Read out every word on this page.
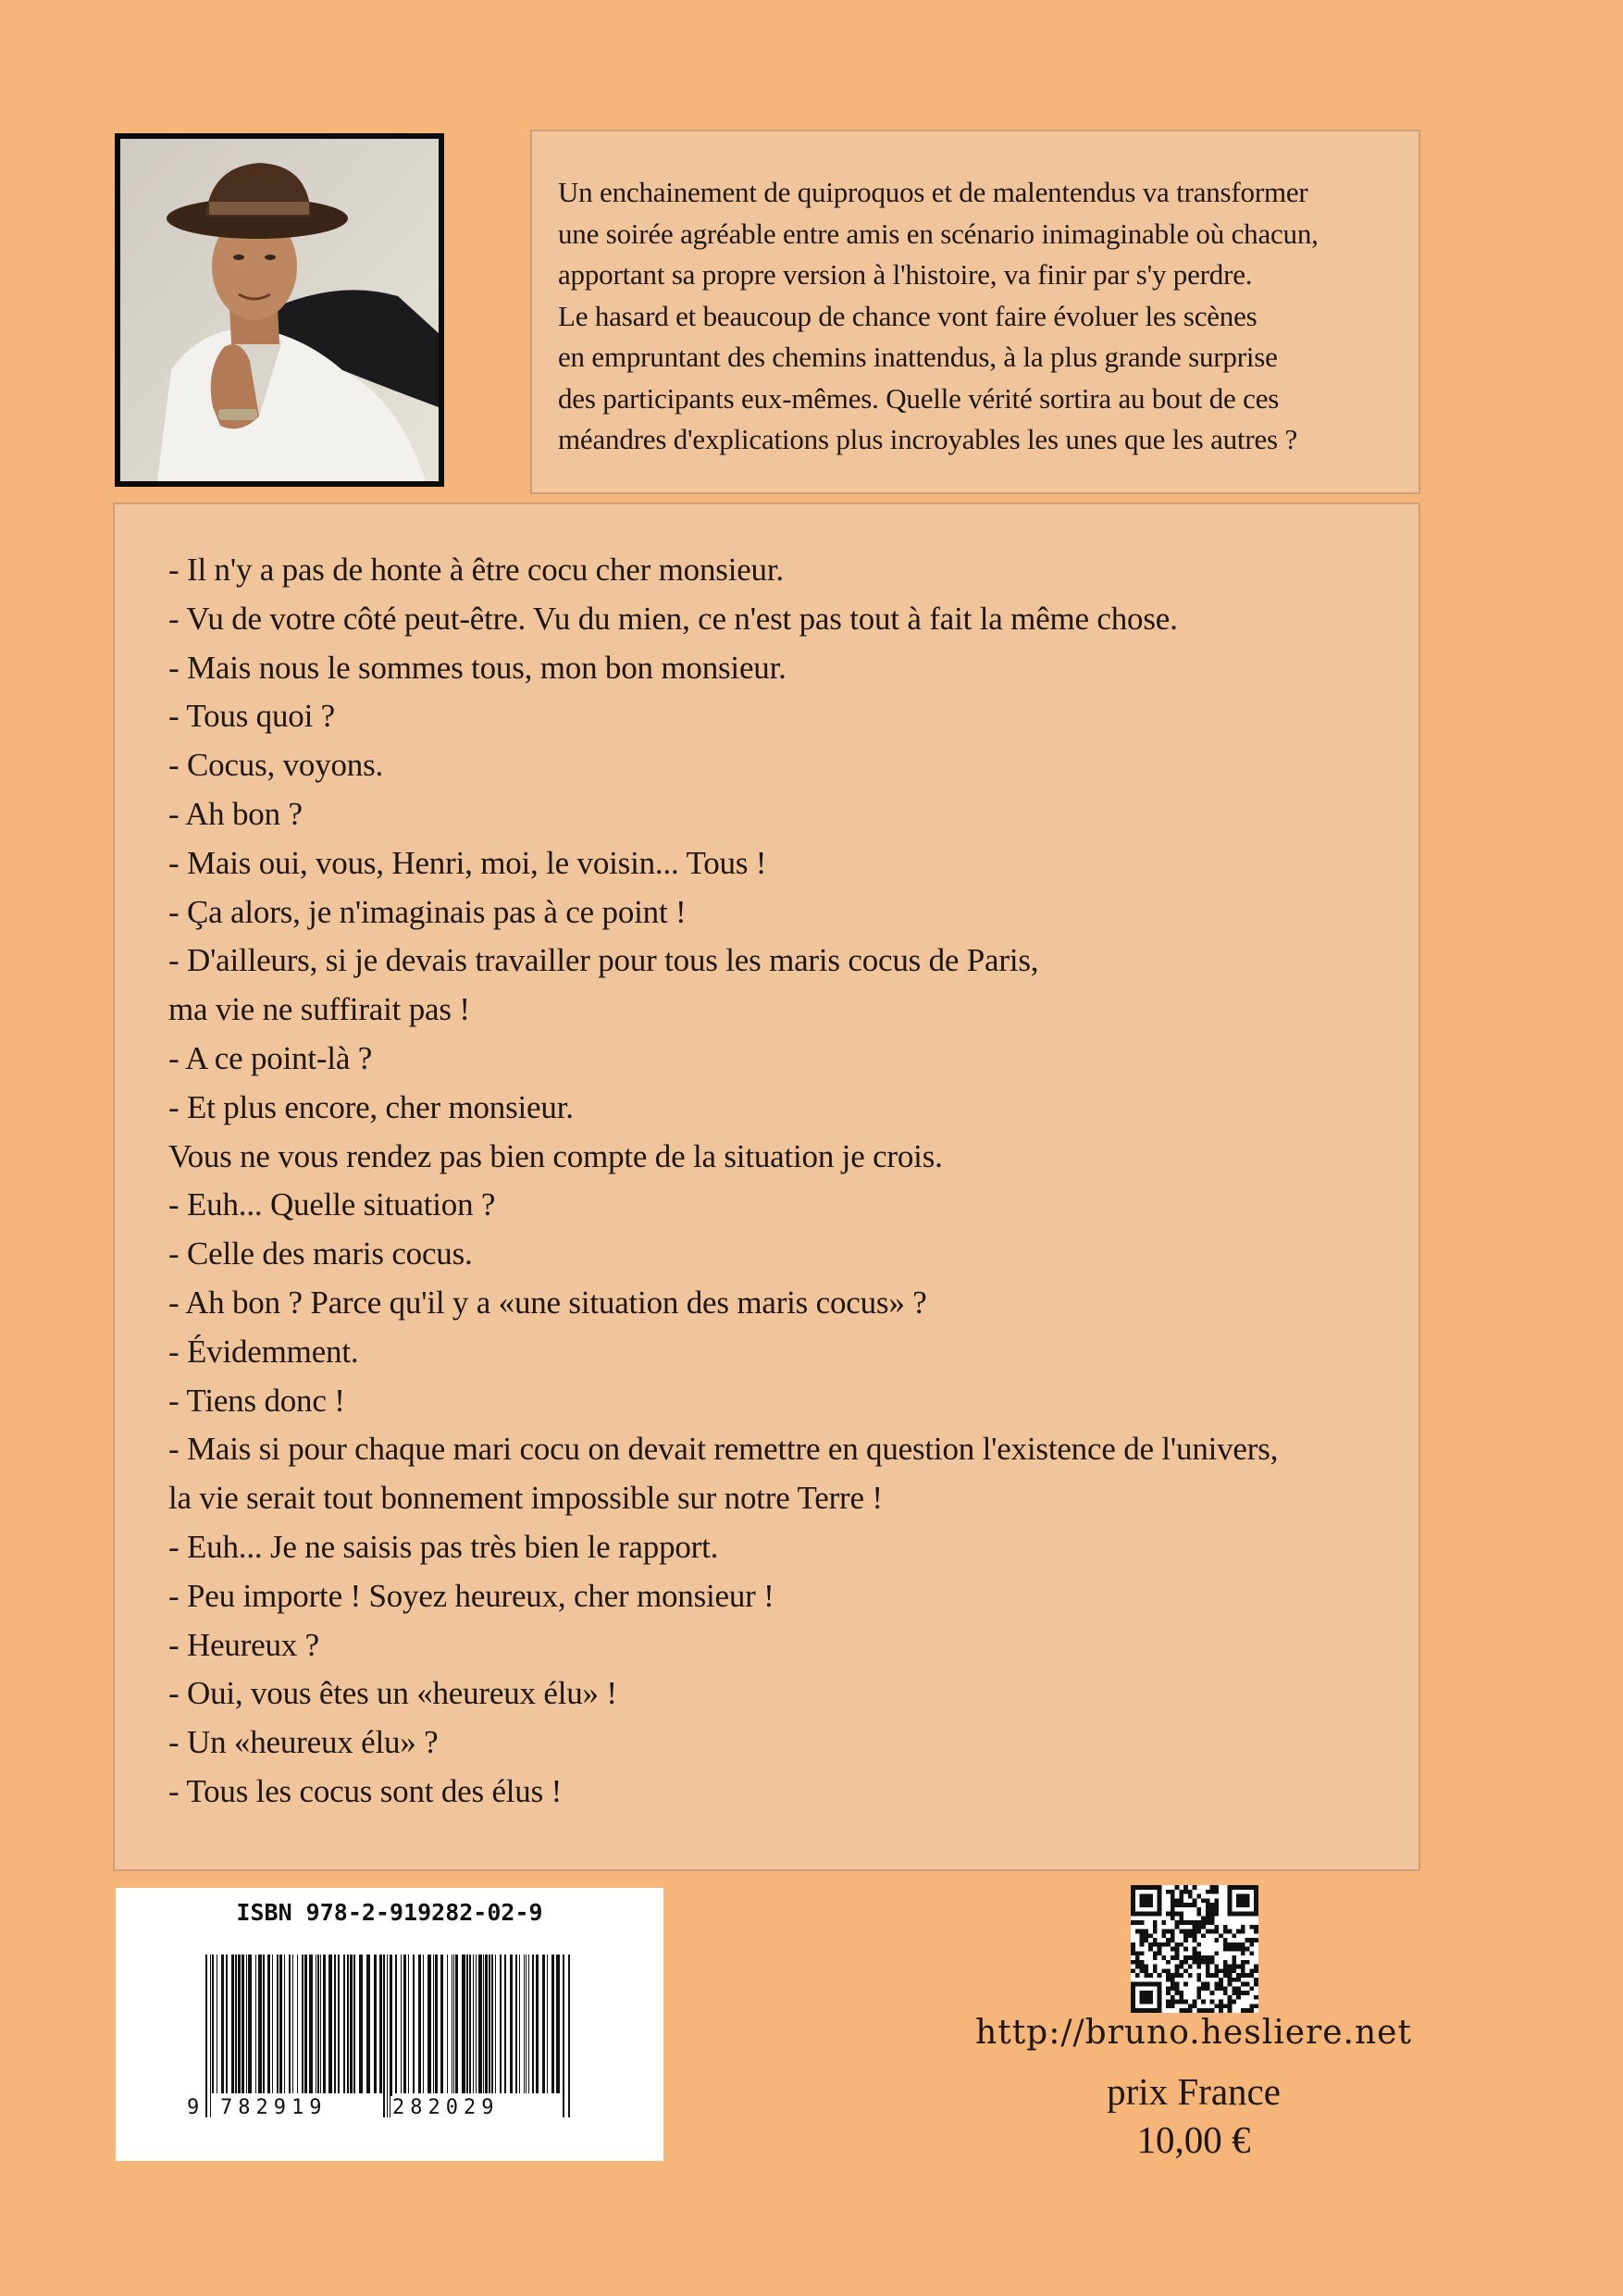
Un enchainement de quiproquos et de malentendus va transformer
une soirée agréable entre amis en scénario inimaginable où chacun,
apportant sa propre version à l'histoire, va finir par s'y perdre.
Le hasard et beaucoup de chance vont faire évoluer les scènes
en empruntant des chemins inattendus, à la plus grande surprise
des participants eux-mêmes. Quelle vérité sortira au bout de ces
méandres d'explications plus incroyables les unes que les autres ?
- Il n'y a pas de honte à être cocu cher monsieur.
- Vu de votre côté peut-être. Vu du mien, ce n'est pas tout à fait la même chose.
- Mais nous le sommes tous, mon bon monsieur.
- Tous quoi ?
- Cocus, voyons.
- Ah bon ?
- Mais oui, vous, Henri, moi, le voisin... Tous !
- Ça alors, je n'imaginais pas à ce point !
- D'ailleurs, si je devais travailler pour tous les maris cocus de Paris,
ma vie ne suffirait pas !
- A ce point-là ?
- Et plus encore, cher monsieur.
Vous ne vous rendez pas bien compte de la situation je crois.
- Euh... Quelle situation ?
- Celle des maris cocus.
- Ah bon ? Parce qu'il y a «une situation des maris cocus» ?
- Évidemment.
- Tiens donc !
- Mais si pour chaque mari cocu on devait remettre en question l'existence de l'univers,
la vie serait tout bonnement impossible sur notre Terre !
- Euh... Je ne saisis pas très bien le rapport.
- Peu importe ! Soyez heureux, cher monsieur !
- Heureux ?
- Oui, vous êtes un «heureux élu» !
- Un «heureux élu» ?
- Tous les cocus sont des élus !
ISBN 978-2-919282-02-9
9 782919	282029
http://bruno.hesliere.net
prix France
10,00 €
